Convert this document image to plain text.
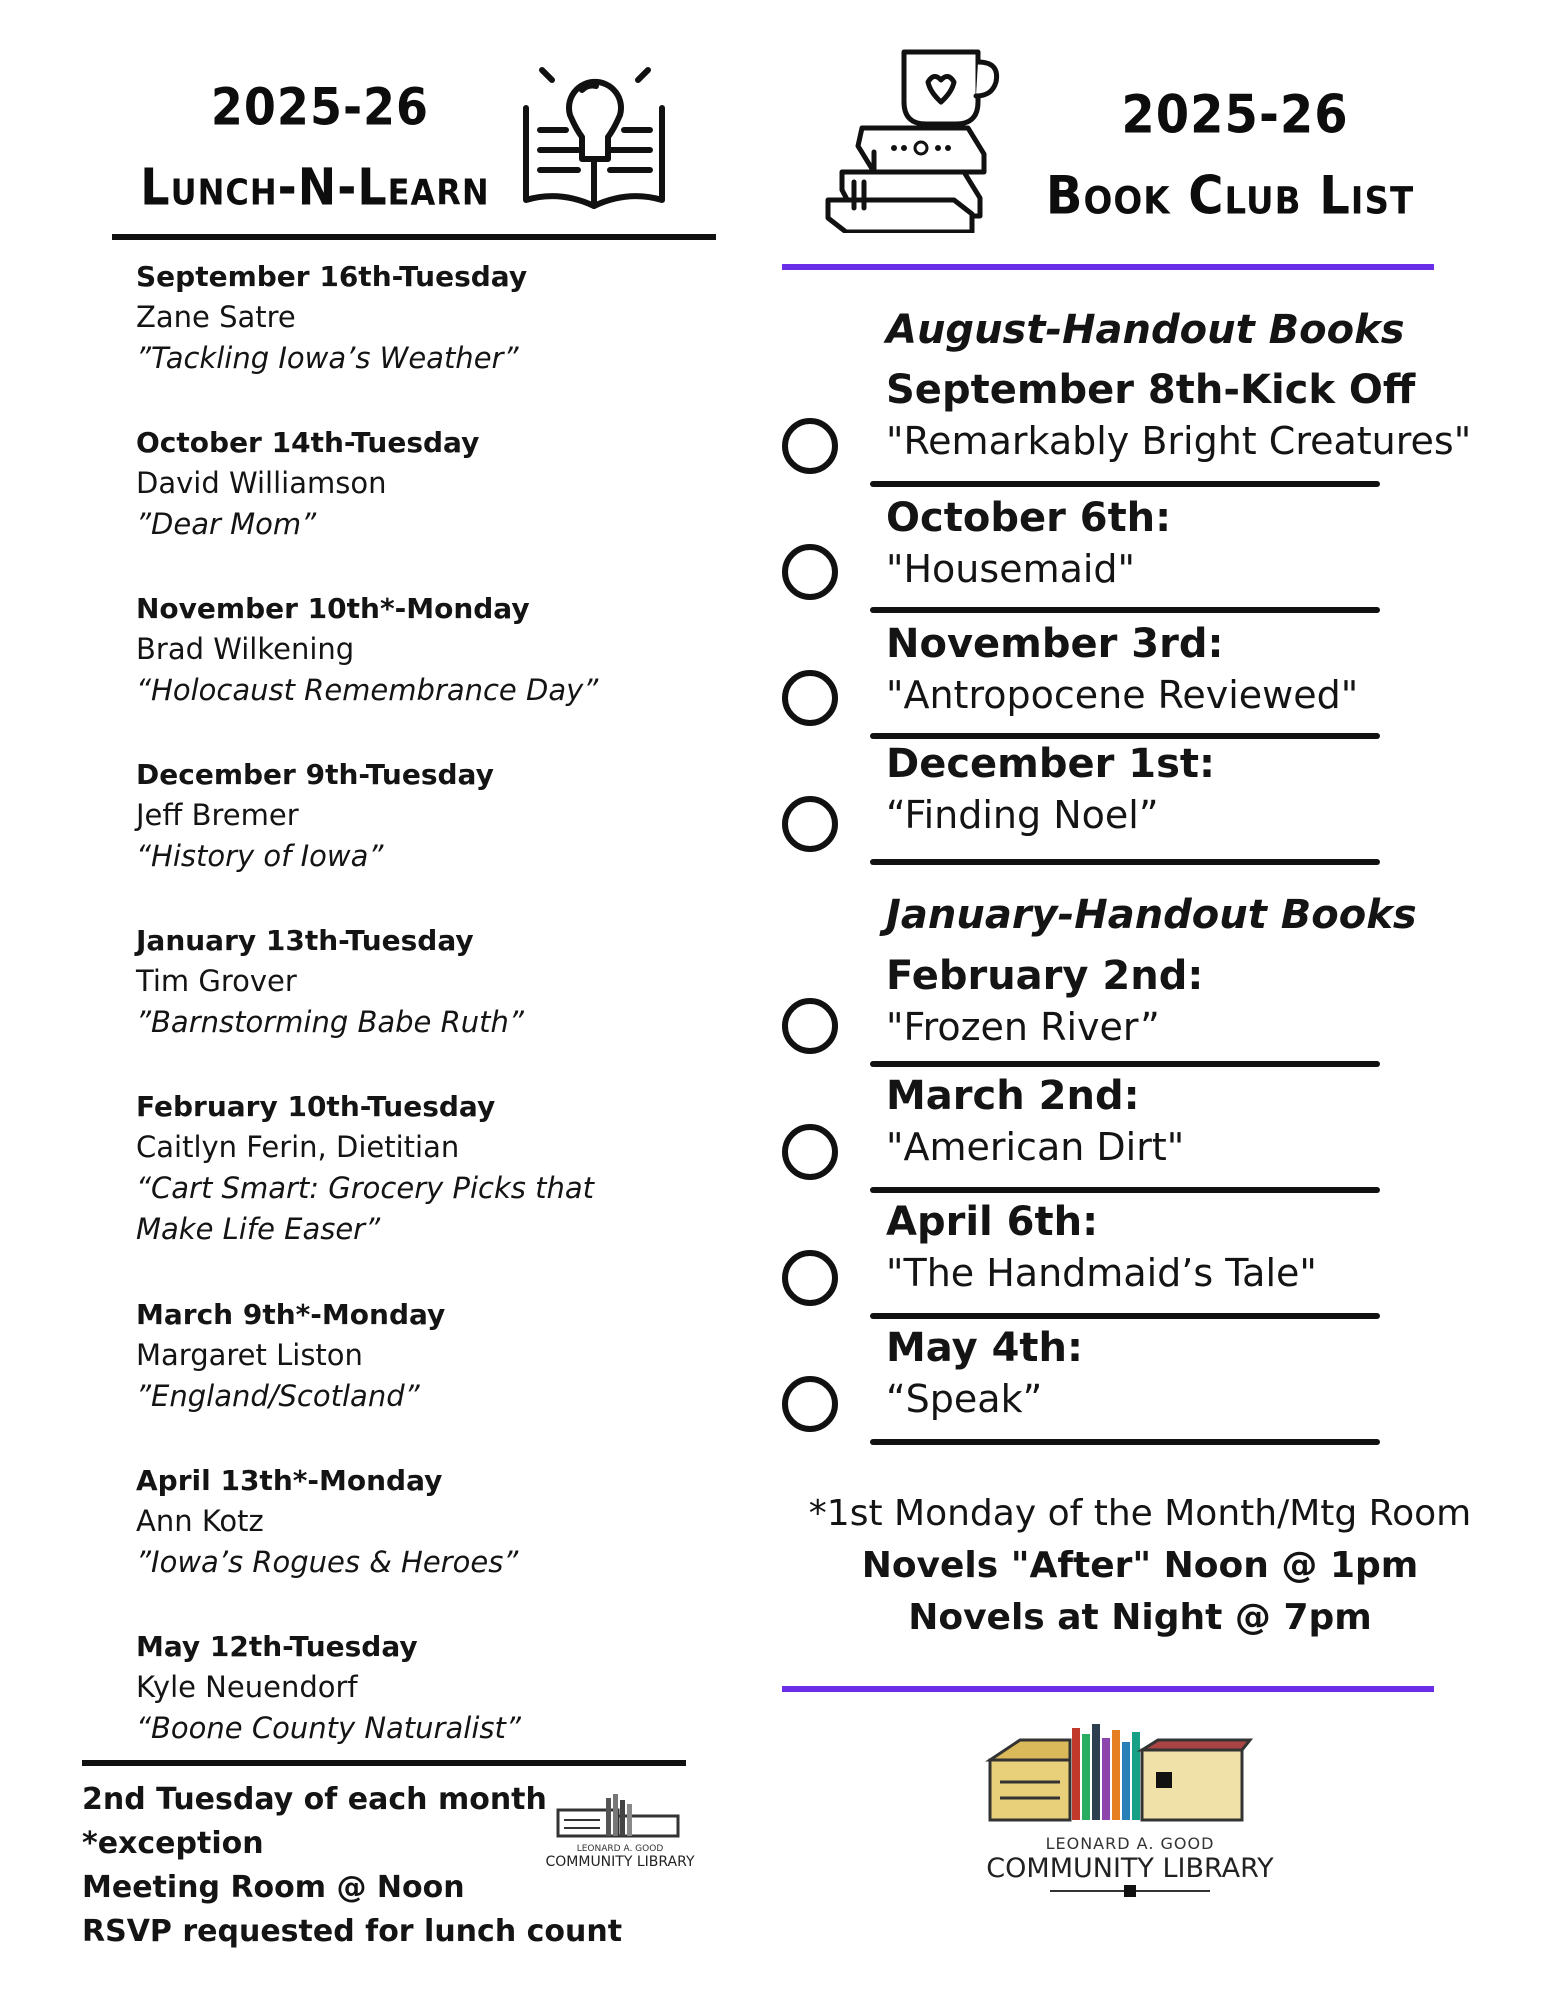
2025-26
Lunch-N-Learn
September 16th-Tuesday
Zane Satre
”Tackling Iowa’s Weather”
October 14th-Tuesday
David Williamson
”Dear Mom”
November 10th*-Monday
Brad Wilkening
“Holocaust Remembrance Day”
December 9th-Tuesday
Jeff Bremer
“History of Iowa”
January 13th-Tuesday
Tim Grover
”Barnstorming Babe Ruth”
February 10th-Tuesday
Caitlyn Ferin, Dietitian
“Cart Smart: Grocery Picks that
Make Life Easer”
March 9th*-Monday
Margaret Liston
”England/Scotland”
April 13th*-Monday
Ann Kotz
”Iowa’s Rogues & Heroes”
May 12th-Tuesday
Kyle Neuendorf
“Boone County Naturalist”
2nd Tuesday of each month
*exception
Meeting Room @ Noon
RSVP requested for lunch count
LEONARD A. GOOD
COMMUNITY LIBRARY
2025-26
Book Club List
August-Handout Books
September 8th-Kick Off
"Remarkably Bright Creatures"
October 6th:
"Housemaid"
November 3rd:
"Antropocene Reviewed"
December 1st:
“Finding Noel”
January-Handout Books
February 2nd:
"Frozen River”
March 2nd:
"American Dirt"
April 6th:
"The Handmaid’s Tale"
May 4th:
“Speak”
*1st Monday of the Month/Mtg Room
Novels "After" Noon @ 1pm
Novels at Night @ 7pm
LEONARD A. GOOD
COMMUNITY LIBRARY
